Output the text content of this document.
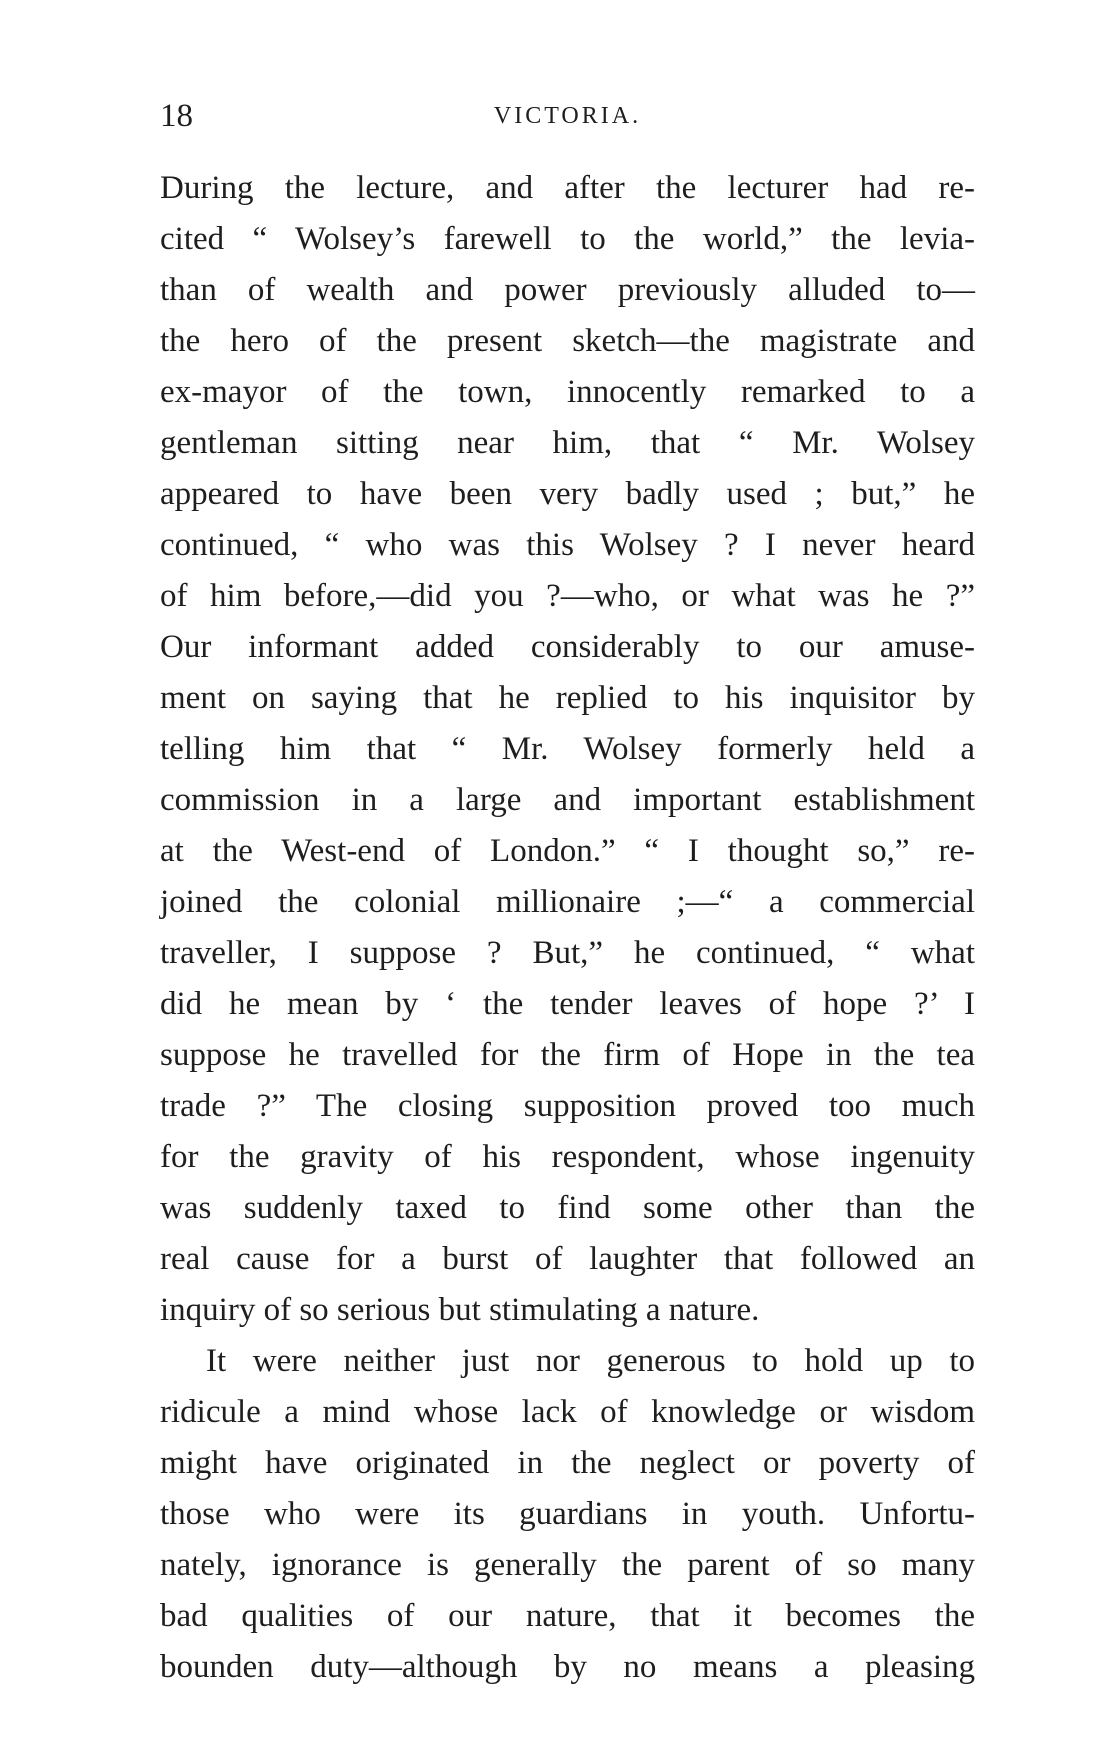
18	VICTORIA.
During the lecture, and after the lecturer had re-
cited “ Wolsey’s farewell to the world,” the levia-
than of wealth and power previously alluded to—
the hero of the present sketch—the magistrate and
ex-mayor of the town, innocently remarked to a
gentleman sitting near him, that “ Mr. Wolsey
appeared to have been very badly used ; but,” he
continued, “ who was this Wolsey ? I never heard
of him before,—did you ?—who, or what was he ?”
Our informant added considerably to our amuse-
ment on saying that he replied to his inquisitor by
telling him that “ Mr. Wolsey formerly held a
commission in a large and important establishment
at the West-end of London.” “ I thought so,” re-
joined the colonial millionaire ;—“ a commercial
traveller, I suppose ? But,” he continued, “ what
did he mean by ‘ the tender leaves of hope ?’ I
suppose he travelled for the firm of Hope in the tea
trade ?” The closing supposition proved too much
for the gravity of his respondent, whose ingenuity
was suddenly taxed to find some other than the
real cause for a burst of laughter that followed an
inquiry of so serious but stimulating a nature.
It were neither just nor generous to hold up to
ridicule a mind whose lack of knowledge or wisdom
might have originated in the neglect or poverty of
those who were its guardians in youth. Unfortu-
nately, ignorance is generally the parent of so many
bad qualities of our nature, that it becomes the
bounden duty—although by no means a pleasing
